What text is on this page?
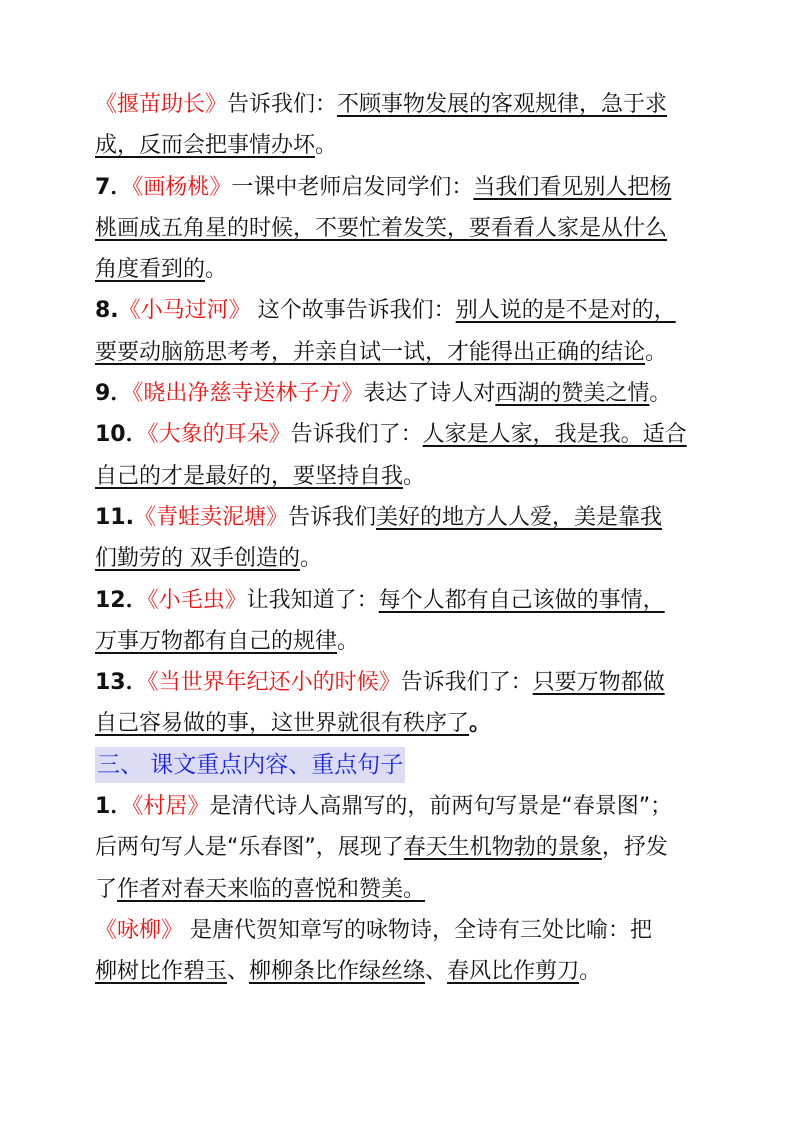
《揠苗助长》告诉我们：不顾事物发展的客观规律，急于求
成，反而会把事情办坏。
7．《画杨桃》一课中老师启发同学们：当我们看见别人把杨
桃画成五角星的时候，不要忙着发笑，要看看人家是从什么
角度看到的。
8.《小马过河》 这个故事告诉我们：别人说的是不是对的，
要要动脑筋思考考，并亲自试一试，才能得出正确的结论。
9．《晓出净慈寺送林子方》表达了诗人对西湖的赞美之情。
10．《大象的耳朵》告诉我们了：人家是人家，我是我。适合
自己的才是最好的，要坚持自我。
11.《青蛙卖泥塘》告诉我们美好的地方人人爱，美是靠我
们勤劳的 双手创造的。
12．《小毛虫》让我知道了：每个人都有自己该做的事情，
万事万物都有自己的规律。
13．《当世界年纪还小的时候》告诉我们了：只要万物都做
自己容易做的事，这世界就很有秩序了。
三、 课文重点内容、重点句子
1．《村居》是清代诗人高鼎写的，前两句写景是“春景图”；
后两句写人是“乐春图”，展现了春天生机物勃的景象，抒发
了作者对春天来临的喜悦和赞美。
《咏柳》 是唐代贺知章写的咏物诗，全诗有三处比喻：把
柳树比作碧玉、柳柳条比作绿丝绦、春风比作剪刀。
